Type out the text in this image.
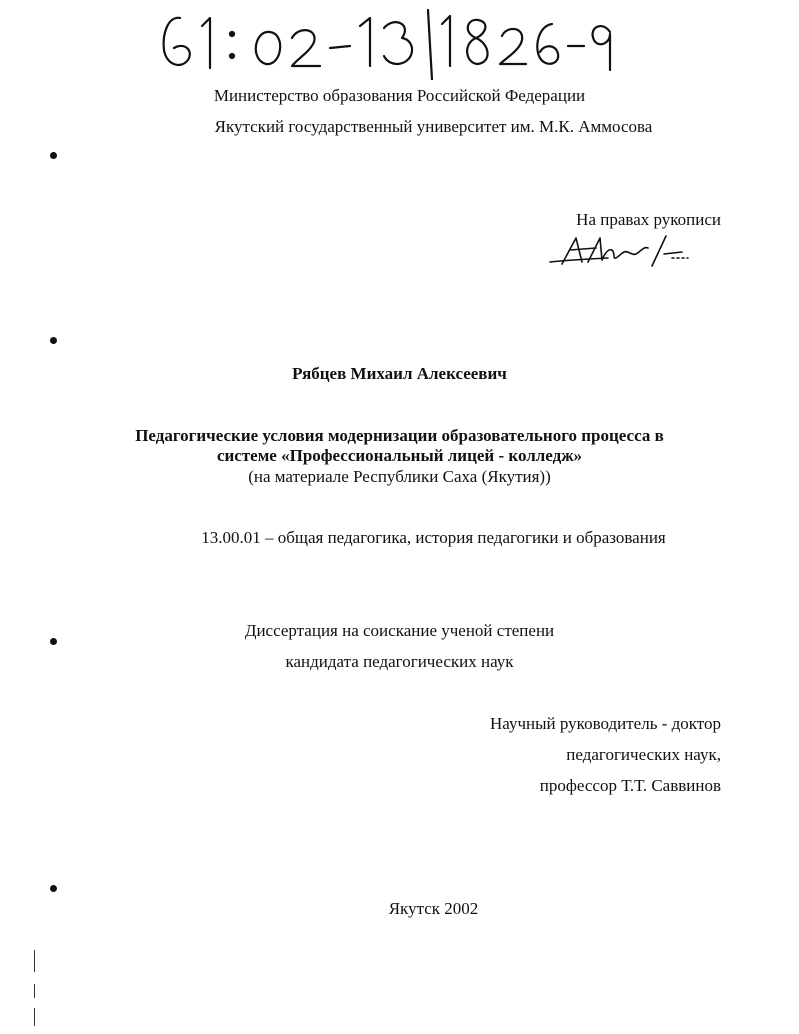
Министерство образования Российской Федерации
Якутский государственный университет им. М.К. Аммосова
На правах рукописи
Рябцев Михаил Алексеевич
Педагогические условия модернизации образовательного процесса в
системе «Профессиональный лицей - колледж»
(на материале Республики Саха (Якутия))
13.00.01 – общая педагогика, история педагогики и образования
Диссертация на соискание ученой степени
кандидата педагогических наук
Научный руководитель - доктор
педагогических наук,
профессор Т.Т. Саввинов
Якутск 2002
